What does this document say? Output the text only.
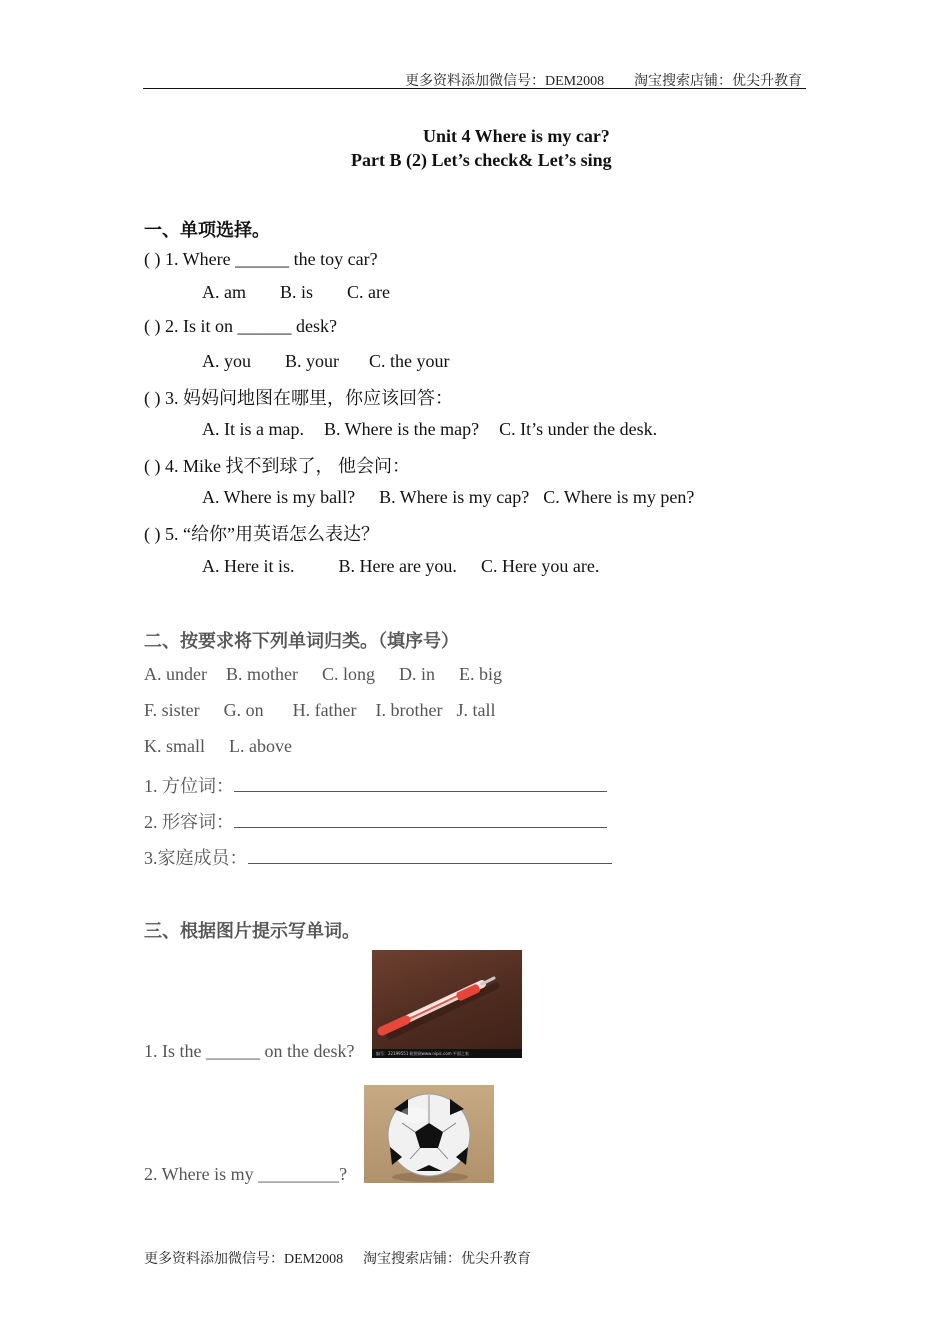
更多资料添加微信号：DEM2008 淘宝搜索店铺：优尖升教育
Unit 4 Where is my car?
Part B (2) Let’s check& Let’s sing
一、单项选择。
( ) 1. Where ______ the toy car?
A. am B. is C. are
( ) 2. Is it on ______ desk?
A. you B. your C. the your
( ) 3. 妈妈问地图在哪里，你应该回答：
A. It is a map. B. Where is the map? C. It’s under the desk.
( ) 4. Mike 找不到球了， 他会问：
A. Where is my ball? B. Where is my cap? C. Where is my pen?
( ) 5. “给你”用英语怎么表达？
A. Here it is. B. Here are you. C. Here you are.
二、按要求将下列单词归类。（填序号）
A. under B. mother C. long D. in E. big
F. sister G. on H. father I. brother J. tall
K. small L. above
1. 方位词：
2. 形容词：
3.家庭成员：
三、根据图片提示写单词。
1. Is the ______ on the desk?	编号：22199551 昵图网www.nipic.com 平面之家
2. Where is my _________?
更多资料添加微信号：DEM2008 淘宝搜索店铺：优尖升教育
